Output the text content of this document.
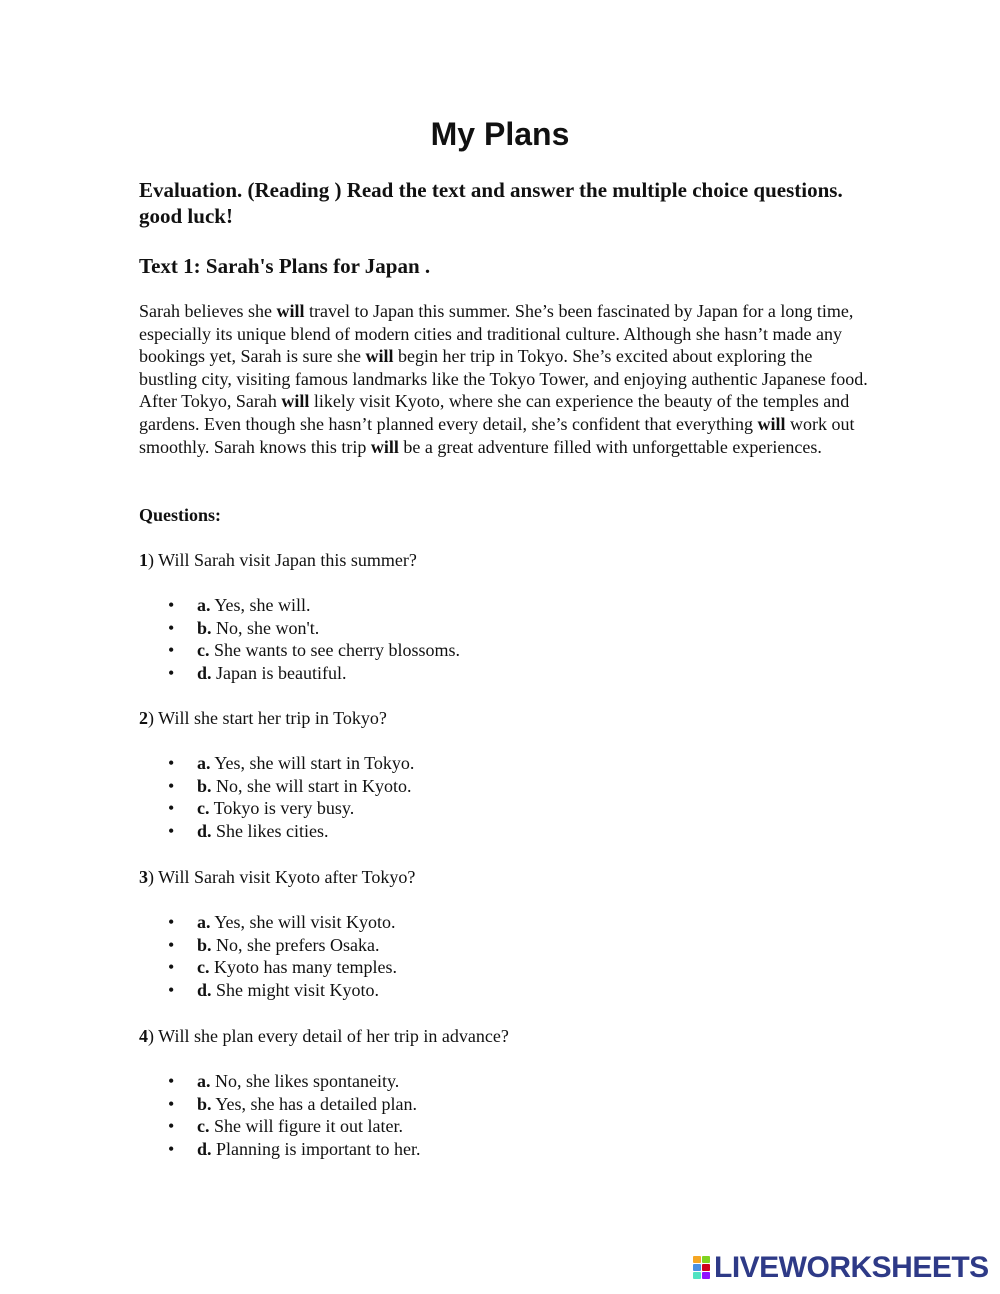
My Plans

Evaluation. (Reading ) Read the text and answer the multiple choice questions. good luck!

Text 1: Sarah's Plans for Japan .

Sarah believes she will travel to Japan this summer. She’s been fascinated by Japan for a long time, especially its unique blend of modern cities and traditional culture. Although she hasn’t made any bookings yet, Sarah is sure she will begin her trip in Tokyo. She’s excited about exploring the bustling city, visiting famous landmarks like the Tokyo Tower, and enjoying authentic Japanese food. After Tokyo, Sarah will likely visit Kyoto, where she can experience the beauty of the temples and gardens. Even though she hasn’t planned every detail, she’s confident that everything will work out smoothly. Sarah knows this trip will be a great adventure filled with unforgettable experiences.

Questions:

1) Will Sarah visit Japan this summer?

• a. Yes, she will.
• b. No, she won't.
• c. She wants to see cherry blossoms.
• d. Japan is beautiful.

2) Will she start her trip in Tokyo?

• a. Yes, she will start in Tokyo.
• b. No, she will start in Kyoto.
• c. Tokyo is very busy.
• d. She likes cities.

3) Will Sarah visit Kyoto after Tokyo?

• a. Yes, she will visit Kyoto.
• b. No, she prefers Osaka.
• c. Kyoto has many temples.
• d. She might visit Kyoto.

4) Will she plan every detail of her trip in advance?

• a. No, she likes spontaneity.
• b. Yes, she has a detailed plan.
• c. She will figure it out later.
• d. Planning is important to her.
LIVEWORKSHEETS
